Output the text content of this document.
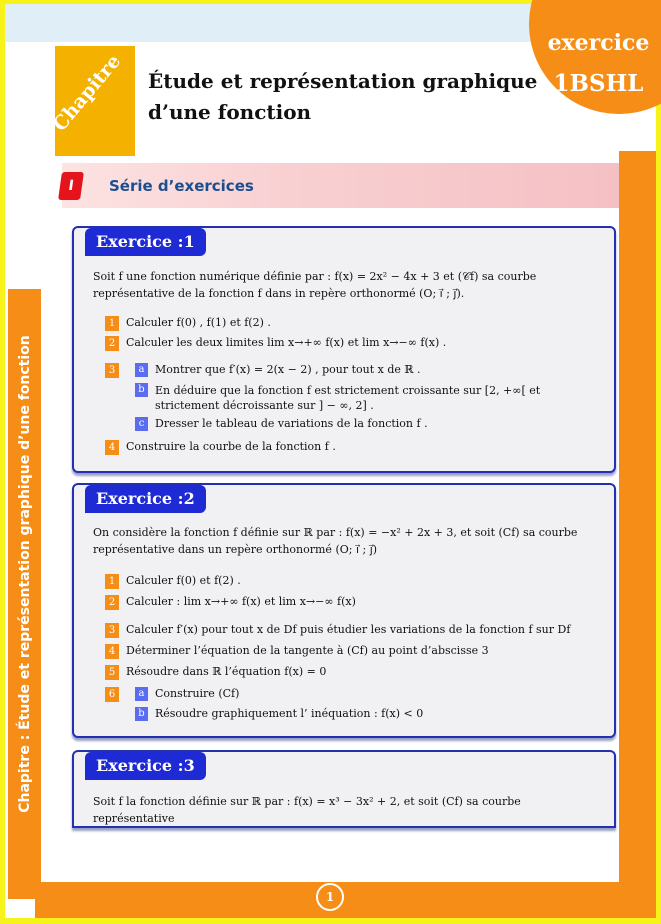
exercice
1BSHL
Chapitre	Étude et représentation graphique d’une fonction
I	Série d’exercices
Chapitre : Étude et représentation graphique d’une fonction
Exercice :1
Soit f une fonction numérique définie par : f(x) = 2x² − 4x + 3 et (𝒞f) sa courbe représentative de la fonction f dans in repère orthonormé (O; i⃗ ; j⃗).
1 Calculer f(0) , f(1) et f(2) .
2 Calculer les deux limites lim x→+∞ f(x) et lim x→−∞ f(x) .
3	a Montrer que f′(x) = 2(x − 2) , pour tout x de ℝ .
b En déduire que la fonction f est strictement croissante sur [2, +∞[ et strictement décroissante sur ] − ∞, 2] .
c Dresser le tableau de variations de la fonction f .
4 Construire la courbe de la fonction f .
Exercice :2
On considère la fonction f définie sur ℝ par : f(x) = −x² + 2x + 3, et soit (Cf) sa courbe représentative dans un repère orthonormé (O; i⃗ ; j⃗)
1 Calculer f(0) et f(2) .
2 Calculer : lim x→+∞ f(x) et lim x→−∞ f(x)
3 Calculer f′(x) pour tout x de Df puis étudier les variations de la fonction f sur Df
4 Déterminer l’équation de la tangente à (Cf) au point d’abscisse 3
5 Résoudre dans ℝ l’équation f(x) = 0
6	a Construire (Cf)
b Résoudre graphiquement l’ inéquation : f(x) < 0
Exercice :3
Soit f la fonction définie sur ℝ par : f(x) = x³ − 3x² + 2, et soit (Cf) sa courbe représentative
1
